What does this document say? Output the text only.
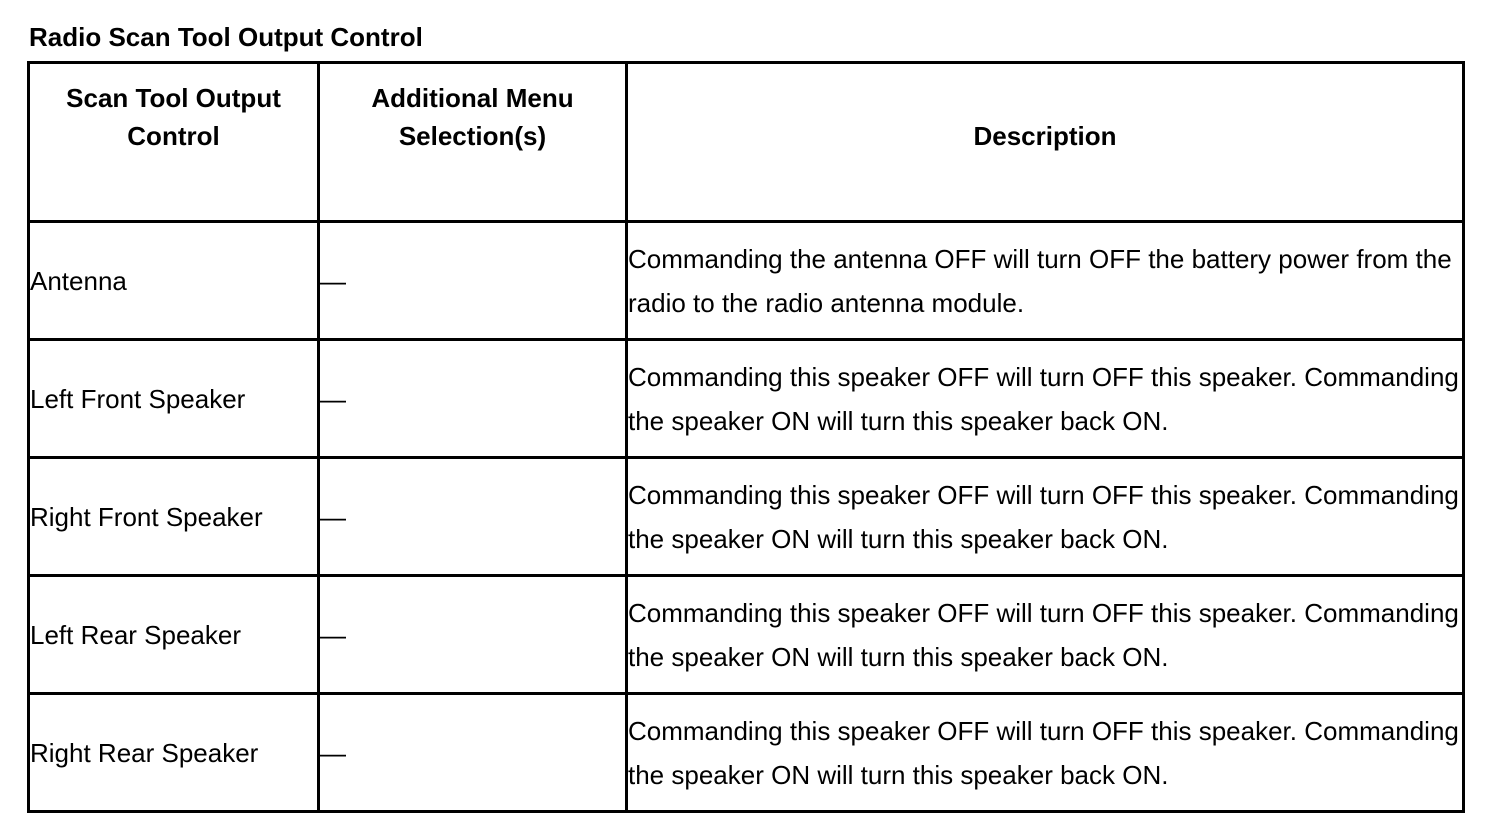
Radio Scan Tool Output Control
Scan Tool Output Control	Additional Menu Selection(s)	Description
Antenna	—	Commanding the antenna OFF will turn OFF the battery power from the radio to the radio antenna module.
Left Front Speaker	—	Commanding this speaker OFF will turn OFF this speaker. Commanding the speaker ON will turn this speaker back ON.
Right Front Speaker	—	Commanding this speaker OFF will turn OFF this speaker. Commanding the speaker ON will turn this speaker back ON.
Left Rear Speaker	—	Commanding this speaker OFF will turn OFF this speaker. Commanding the speaker ON will turn this speaker back ON.
Right Rear Speaker	—	Commanding this speaker OFF will turn OFF this speaker. Commanding the speaker ON will turn this speaker back ON.
